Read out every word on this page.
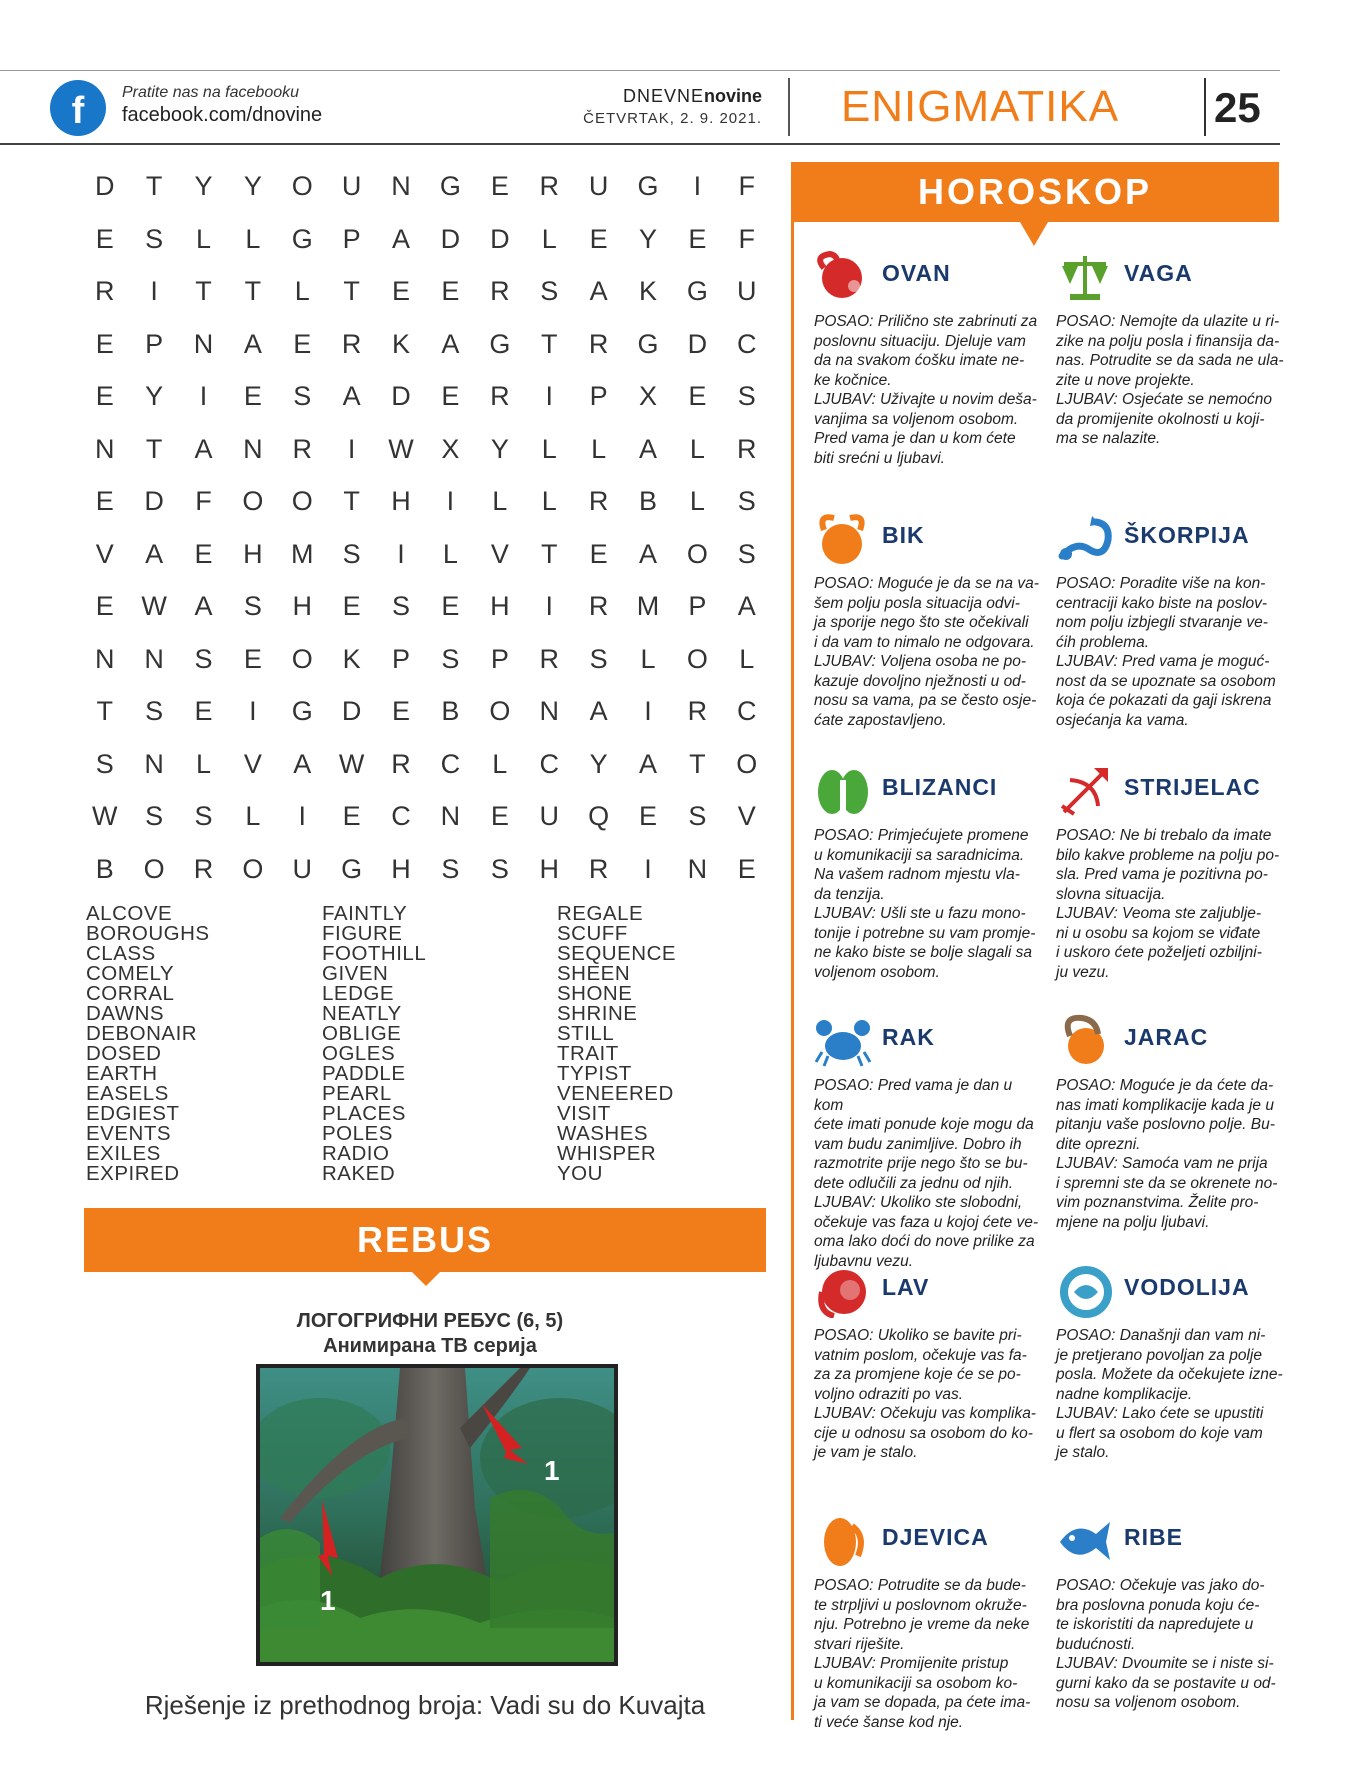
f	Pratite nas na facebooku
facebook.com/dnovine
DNEVNEnovine
ČETVRTAK, 2. 9. 2021. ENIGMATIKA 25
D	T	Y	Y	O	U	N	G	E	R	U	G	I	F
E	S	L	L	G	P	A	D	D	L	E	Y	E	F
R	I	T	T	L	T	E	E	R	S	A	K	G	U
E	P	N	A	E	R	K	A	G	T	R	G	D	C
E	Y	I	E	S	A	D	E	R	I	P	X	E	S
N	T	A	N	R	I	W	X	Y	L	L	A	L	R
E	D	F	O	O	T	H	I	L	L	R	B	L	S
V	A	E	H	M	S	I	L	V	T	E	A	O	S
E	W	A	S	H	E	S	E	H	I	R	M	P	A
N	N	S	E	O	K	P	S	P	R	S	L	O	L
T	S	E	I	G	D	E	B	O	N	A	I	R	C
S	N	L	V	A	W R	C	L	C	Y	A	T	O
W	S	S	L	I	E	C	N	E	U	Q	E	S	V
B	O	R	O	U	G	H	S	S	H	R	I	N	E
ALCOVE
BOROUGHS
CLASS
COMELY
CORRAL
DAWNS
DEBONAIR
DOSED
EARTH
EASELS
EDGIEST
EVENTS
EXILES
EXPIRED
FAINTLY
FIGURE
FOOTHILL
GIVEN
LEDGE
NEATLY
OBLIGE
OGLES
PADDLE
PEARL
PLACES
POLES
RADIO
RAKED
REGALE
SCUFF
SEQUENCE
SHEEN
SHONE
SHRINE
STILL
TRAIT
TYPIST
VENEERED
VISIT
WASHES
WHISPER
YOU
REBUS
ЛОГОГРИФНИ РЕБУС (6, 5)
Анимирана ТВ серија
1
1
Rješenje iz prethodnog broja: Vadi su do Kuvajta
HOROSKOP
OVAN
POSAO: Prilično ste zabrinuti za
poslovnu situaciju. Djeluje vam
da na svakom ćošku imate ne-
ke kočnice.
LJUBAV: Uživajte u novim deša-
vanjima sa voljenom osobom.
Pred vama je dan u kom ćete
biti srećni u ljubavi.
VAGA
POSAO: Nemojte da ulazite u ri-
zike na polju posla i finansija da-
nas. Potrudite se da sada ne ula-
zite u nove projekte.
LJUBAV: Osjećate se nemoćno
da promijenite okolnosti u koji-
ma se nalazite.
BIK
POSAO: Moguće je da se na va-
šem polju posla situacija odvi-
ja sporije nego što ste očekivali
i da vam to nimalo ne odgovara.
LJUBAV: Voljena osoba ne po-
kazuje dovoljno nježnosti u od-
nosu sa vama, pa se često osje-
ćate zapostavljeno.
ŠKORPIJA
POSAO: Poradite više na kon-
centraciji kako biste na poslov-
nom polju izbjegli stvaranje ve-
ćih problema.
LJUBAV: Pred vama je moguć-
nost da se upoznate sa osobom
koja će pokazati da gaji iskrena
osjećanja ka vama.
BLIZANCI
POSAO: Primjećujete promene
u komunikaciji sa saradnicima.
Na vašem radnom mjestu vla-
da tenzija.
LJUBAV: Ušli ste u fazu mono-
tonije i potrebne su vam promje-
ne kako biste se bolje slagali sa
voljenom osobom.
STRIJELAC
POSAO: Ne bi trebalo da imate
bilo kakve probleme na polju po-
sla. Pred vama je pozitivna po-
slovna situacija.
LJUBAV: Veoma ste zaljublje-
ni u osobu sa kojom se viđate
i uskoro ćete poželjeti ozbiljni-
ju vezu.
RAK
POSAO: Pred vama je dan u kom
ćete imati ponude koje mogu da
vam budu zanimljive. Dobro ih
razmotrite prije nego što se bu-
dete odlučili za jednu od njih.
LJUBAV: Ukoliko ste slobodni,
očekuje vas faza u kojoj ćete ve-
oma lako doći do nove prilike za
ljubavnu vezu.
JARAC
POSAO: Moguće je da ćete da-
nas imati komplikacije kada je u
pitanju vaše poslovno polje. Bu-
dite oprezni.
LJUBAV: Samoća vam ne prija
i spremni ste da se okrenete no-
vim poznanstvima. Želite pro-
mjene na polju ljubavi.
LAV
POSAO: Ukoliko se bavite pri-
vatnim poslom, očekuje vas fa-
za za promjene koje će se po-
voljno odraziti po vas.
LJUBAV: Očekuju vas komplika-
cije u odnosu sa osobom do ko-
je vam je stalo.
VODOLIJA
POSAO: Današnji dan vam ni-
je pretjerano povoljan za polje
posla. Možete da očekujete izne-
nadne komplikacije.
LJUBAV: Lako ćete se upustiti
u flert sa osobom do koje vam
je stalo.
DJEVICA
POSAO: Potrudite se da bude-
te strpljivi u poslovnom okruže-
nju. Potrebno je vreme da neke
stvari riješite.
LJUBAV: Promijenite pristup
u komunikaciji sa osobom ko-
ja vam se dopada, pa ćete ima-
ti veće šanse kod nje.
RIBE
POSAO: Očekuje vas jako do-
bra poslovna ponuda koju će-
te iskoristiti da napredujete u
budućnosti.
LJUBAV: Dvoumite se i niste si-
gurni kako da se postavite u od-
nosu sa voljenom osobom.
